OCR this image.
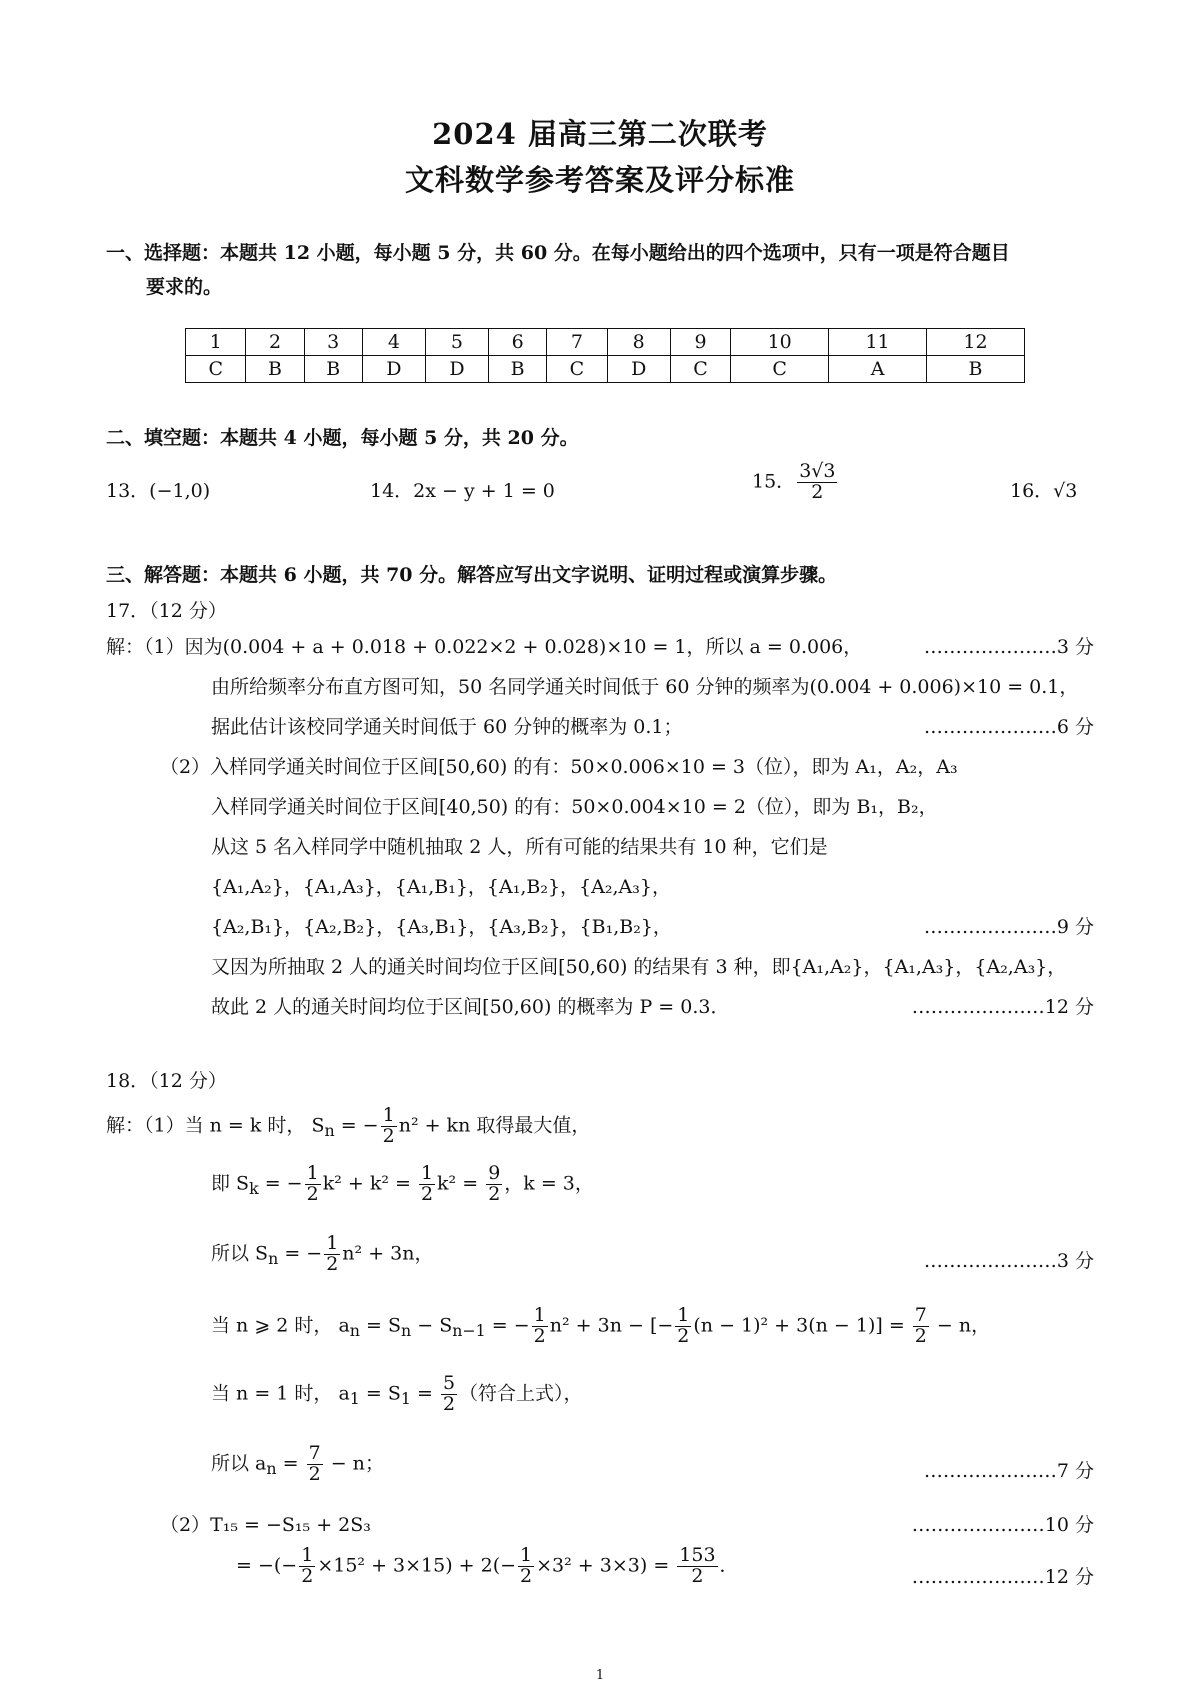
2024 届高三第二次联考
文科数学参考答案及评分标准
一、选择题：本题共 12 小题，每小题 5 分，共 60 分。在每小题给出的四个选项中，只有一项是符合题目
要求的。
1	2	3	4	5	6	7	8	9	10	11	12
C	B	B	D	D	B	C	D	C	C	A	B
二、填空题：本题共 4 小题，每小题 5 分，共 20 分。
13．(−1,0)	14．2x − y + 1 = 0	15． $\frac{3√3}{2}$	16．√3
三、解答题：本题共 6 小题，共 70 分。解答应写出文字说明、证明过程或演算步骤。
17．（12 分）
解：（1）因为(0.004 + a + 0.018 + 0.022×2 + 0.028)×10 = 1，所以 a = 0.006，	…………………3 分
由所给频率分布直方图可知，50 名同学通关时间低于 60 分钟的频率为(0.004 + 0.006)×10 = 0.1，
据此估计该校同学通关时间低于 60 分钟的概率为 0.1；	…………………6 分
（2）入样同学通关时间位于区间[50,60) 的有：50×0.006×10 = 3（位），即为 A₁，A₂，A₃
入样同学通关时间位于区间[40,50) 的有：50×0.004×10 = 2（位），即为 B₁，B₂，
从这 5 名入样同学中随机抽取 2 人，所有可能的结果共有 10 种，它们是
{A₁,A₂}，{A₁,A₃}，{A₁,B₁}，{A₁,B₂}，{A₂,A₃}，
{A₂,B₁}，{A₂,B₂}，{A₃,B₁}，{A₃,B₂}，{B₁,B₂}，	…………………9 分
又因为所抽取 2 人的通关时间均位于区间[50,60) 的结果有 3 种，即{A₁,A₂}，{A₁,A₃}，{A₂,A₃}，
故此 2 人的通关时间均位于区间[50,60) 的概率为 P = 0.3．	…………………12 分
18．（12 分）
解：（1）当 n = k 时， $S_n$ = − $\frac{1}{2} n^2$ + kn 取得最大值，
即 $S_k$ = − $\frac{1}{2} k^2 + k^2 = \frac{1}{2} k^2 = \frac{9}{2}$ ，k = 3，
所以 $S_n$ = − $\frac{1}{2} n^2 + 3n$，	…………………3 分
当 n ⩾ 2 时， $a_n = S_n - S_{n-1}$ = − $\frac{1}{2} n^2 + 3n$ − [− $\frac{1}{2} (n - 1)^2 + 3(n - 1)] = \frac{7}{2} - n$，
当 n = 1 时， $a_1 = S_1 = \frac{5}{2}$ （符合上式），
所以 $a_n = \frac{7}{2} - n$；	…………………7 分
（2）T₁₅ = −S₁₅ + 2S₃	…………………10 分
= −(− $\frac{1}{2} \times 15^2 + 3\times 15) + 2(- \frac{1}{2} \times 3^2 + 3\times 3) = \frac{153}{2}$ ．
…………………12 分
1
